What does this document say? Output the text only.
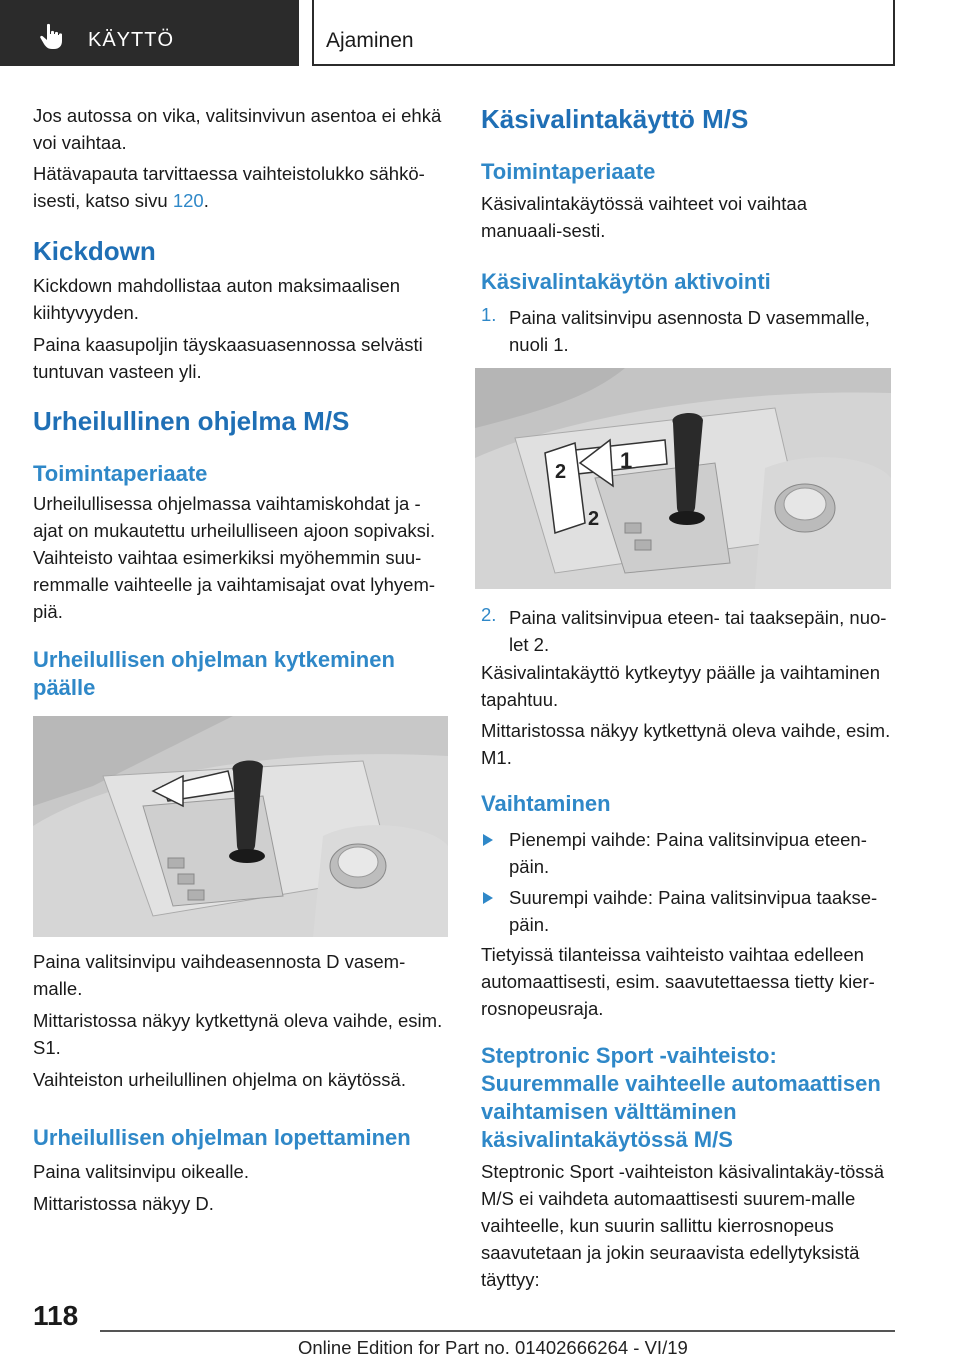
KÄYTTÖ	Ajaminen

Jos autossa on vika, valitsinvivun asentoa ei ehkä voi vaihtaa.

Hätävapauta tarvittaessa vaihteistolukko sähkö-isesti, katso sivu 120.

Kickdown

Kickdown mahdollistaa auton maksimaalisen kiihtyvyyden.

Paina kaasupoljin täyskaasuasennossa selvästi tuntuvan vasteen yli.

Urheilullinen ohjelma M/S
Toimintaperiaate

Urheilullisessa ohjelmassa vaihtamiskohdat ja -ajat on mukautettu urheilulliseen ajoon sopivaksi. Vaihteisto vaihtaa esimerkiksi myöhemmin suu-remmalle vaihteelle ja vaihtamisajat ovat lyhyem-piä.

Urheilullisen ohjelman kytkeminen päälle

Paina valitsinvipu vaihdeasennosta D vasem-malle.

Mittaristossa näkyy kytkettynä oleva vaihde, esim. S1.

Vaihteiston urheilullinen ohjelma on käytössä.

Urheilullisen ohjelman lopettaminen

Paina valitsinvipu oikealle.

Mittaristossa näkyy D.

Käsivalintakäyttö M/S
Toimintaperiaate

Käsivalintakäytössä vaihteet voi vaihtaa manuaali-sesti.

Käsivalintakäytön aktivointi
1. Paina valitsinvipu asennosta D vasemmalle, nuoli 1.

1
2
2
2. Paina valitsinvipua eteen- tai taaksepäin, nuo-let 2.

Käsivalintakäyttö kytkeytyy päälle ja vaihtaminen tapahtuu.

Mittaristossa näkyy kytkettynä oleva vaihde, esim. M1.

Vaihtaminen

Pienempi vaihde: Paina valitsinvipua eteen-päin.

Suurempi vaihde: Paina valitsinvipua taakse-päin.

Tietyissä tilanteissa vaihteisto vaihtaa edelleen automaattisesti, esim. saavutettaessa tietty kier-rosnopeusraja.

Steptronic Sport -vaihteisto: Suuremmalle vaihteelle automaattisen vaihtamisen välttäminen käsivalintakäytössä M/S

Steptronic Sport -vaihteiston käsivalintakäy-tössä M/S ei vaihdeta automaattisesti suurem-malle vaihteelle, kun suurin sallittu kierrosnopeus saavutetaan ja jokin seuraavista edellytyksistä täyttyy:

118
Online Edition for Part no. 01402666264 - VI/19
